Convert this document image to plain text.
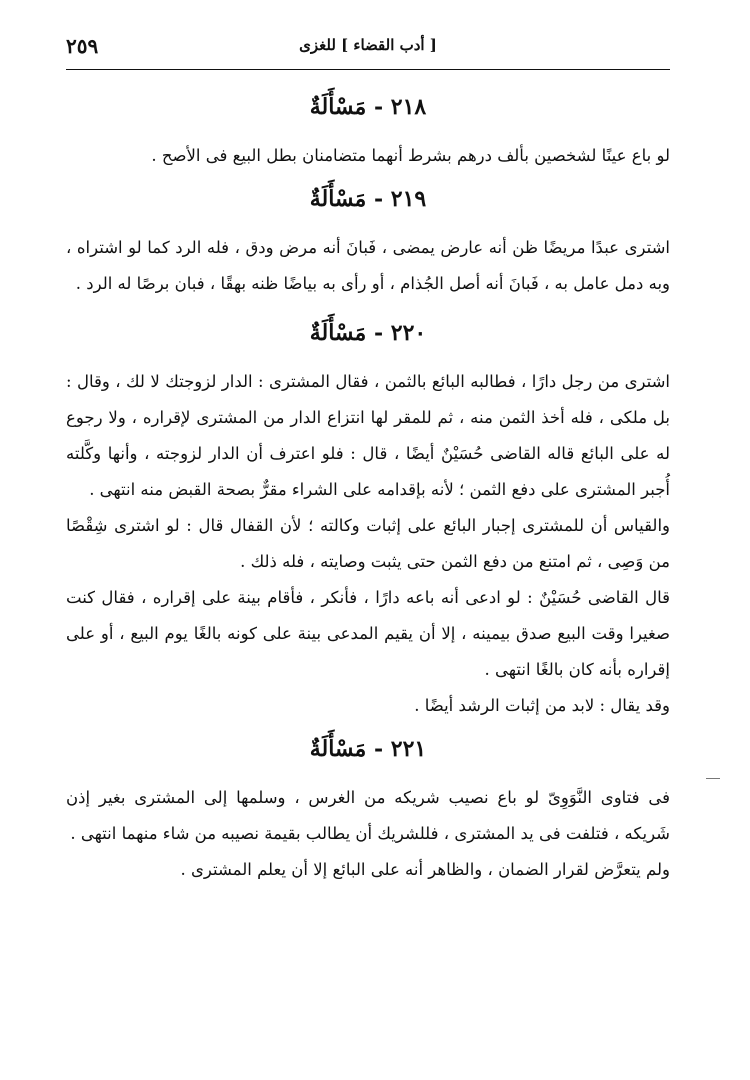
٢٥٩	[ أدب القضاء ] للغزى
٢١٨ - مَسْأَلَةٌ

لو باع عينًا لشخصين بألف درهم بشرط أنهما متضامنان بطل البيع فى الأصح .

٢١٩ - مَسْأَلَةٌ

اشترى عبدًا مريضًا ظن أنه عارض يمضى ، فَبانَ أنه مرض ودق ، فله الرد كما لو اشتراه ، وبه دمل عامل به ، فَبانَ أنه أصل الجُذام ، أو رأى به بياضًا ظنه بهقًا ، فبان برصًا له الرد .

٢٢٠ - مَسْأَلَةٌ

اشترى من رجل دارًا ، فطالبه البائع بالثمن ، فقال المشترى : الدار لزوجتك لا لك ، وقال : بل ملكى ، فله أخذ الثمن منه ، ثم للمقر لها انتزاع الدار من المشترى لإقراره ، ولا رجوع له على البائع قاله القاضى حُسَيْنٌ أيضًا ، قال : فلو اعترف أن الدار لزوجته ، وأنها وكَّلته أُجبر المشترى على دفع الثمن ؛ لأنه بإقدامه على الشراء مقرٌّ بصحة القبض منه انتهى .

والقياس أن للمشترى إجبار البائع على إثبات وكالته ؛ لأن القفال قال : لو اشترى شِقْصًا من وَصِى ، ثم امتنع من دفع الثمن حتى يثبت وصايته ، فله ذلك .

قال القاضى حُسَيْنٌ : لو ادعى أنه باعه دارًا ، فأنكر ، فأقام بينة على إقراره ، فقال كنت صغيرا وقت البيع صدق بيمينه ، إلا أن يقيم المدعى بينة على كونه بالغًا يوم البيع ، أو على إقراره بأنه كان بالغًا انتهى .

وقد يقال : لابد من إثبات الرشد أيضًا .

٢٢١ - مَسْأَلَةٌ

فى فتاوى النَّوَوِىّ لو باع نصيب شريكه من الغرس ، وسلمها إلى المشترى بغير إذن شَريكه ، فتلفت فى يد المشترى ، فللشريك أن يطالب بقيمة نصيبه من شاء منهما انتهى .

ولم يتعرَّض لقرار الضمان ، والظاهر أنه على البائع إلا أن يعلم المشترى .
